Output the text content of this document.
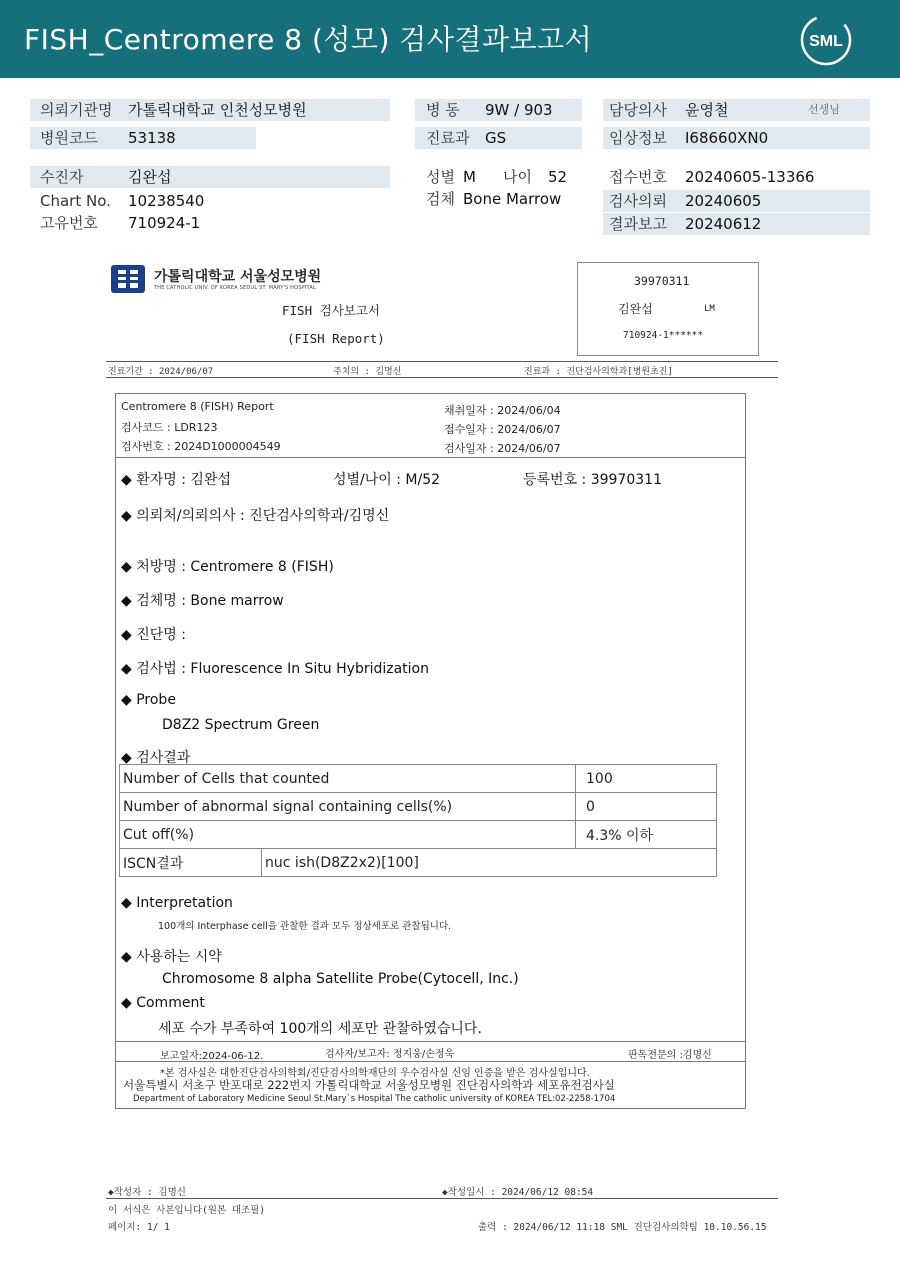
FISH_Centromere 8 (성모) 검사결과보고서	SML
의뢰기관명 가톨릭대학교 인천성모병원
병원코드 53138
병 동 9W / 903
진료과 GS
담당의사 윤영철	선생님
임상정보 I68660XN0
수진자	김완섭
Chart No. 10238540
고유번호 710924-1
성별 M 나이 52
검체 Bone Marrow
접수번호 20240605-13366
검사의뢰 20240605
결과보고 20240612
가톨릭대학교 서울성모병원
THE CATHOLIC UNIV. OF KOREA SEOUL ST. MARY'S HOSPITAL
FISH 검사보고서
(FISH Report)
39970311
김완섭	LM
710924-1******
진료기간 : 2024/06/07	주치의 : 김명신	진료과 : 진단검사의학과[병원초진]
Centromere 8 (FISH) Report
검사코드 : LDR123
검사번호 : 2024D1000004549
채취일자 : 2024/06/04
접수일자 : 2024/06/07
검사일자 : 2024/06/07
◆ 환자명 : 김완섭	성별/나이 : M/52	등록번호 : 39970311
◆ 의뢰처/의뢰의사 : 진단검사의학과/김명신
◆ 처방명 : Centromere 8 (FISH)
◆ 검체명 : Bone marrow
◆ 진단명 :
◆ 검사법 : Fluorescence In Situ Hybridization
◆ Probe
D8Z2 Spectrum Green
◆ 검사결과
Number of Cells that counted		100
Number of abnormal signal containing cells(%)		0
Cut off(%)		4.3% 이하
ISCN결과	nuc ish(D8Z2x2)[100]	
◆ Interpretation
100개의 Interphase cell을 관찰한 결과 모두 정상세포로 관찰됩니다.
◆ 사용하는 시약
Chromosome 8 alpha Satellite Probe(Cytocell, Inc.)
◆ Comment
세포 수가 부족하여 100개의 세포만 관찰하였습니다.
보고일자:2024-06-12.	검사자/보고자: 정지웅/손정욱	판독전문의 :김명신
*본 검사실은 대한진단검사의학회/진단검사의학재단의 우수검사실 신임 인증을 받은 검사실입니다.
서울특별시 서초구 반포대로 222번지 가톨릭대학교 서울성모병원 진단검사의학과 세포유전검사실
Department of Laboratory Medicine Seoul St.Mary`s Hospital The catholic university of KOREA TEL:02-2258-1704
◆작성자 : 김명신	◆작성일시 : 2024/06/12 08:54
이 서식은 사본입니다(원본 대조필)
페이지: 1/ 1	출력 : 2024/06/12 11:18 SML 진단검사의학팀 10.10.56.15
